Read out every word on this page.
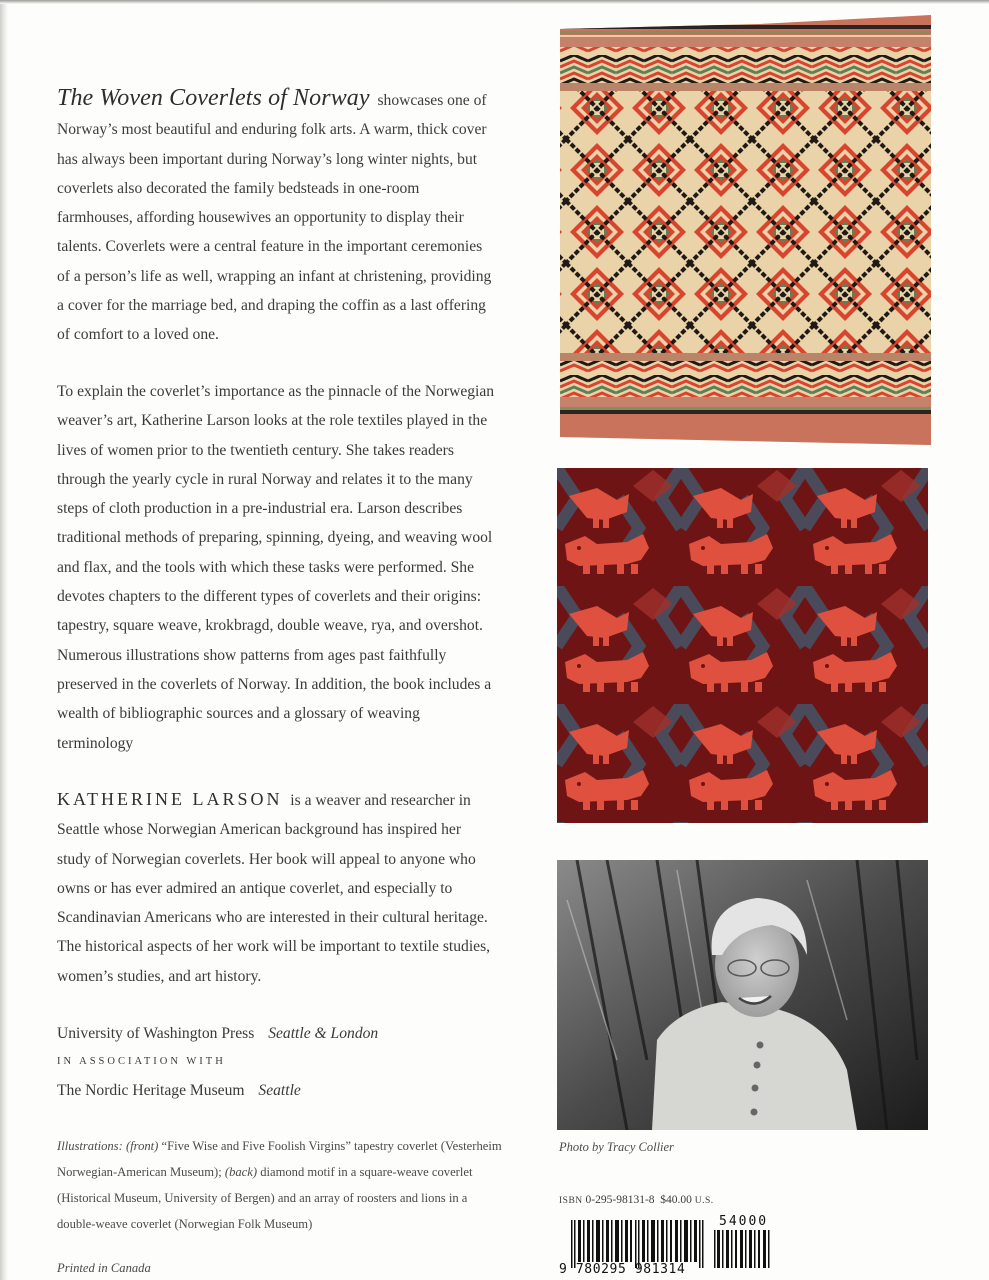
The Woven Coverlets of Norway showcases one of Norway’s most beautiful and enduring folk arts. A warm, thick cover has always been important during Norway’s long winter nights, but coverlets also decorated the family bedsteads in one-room farmhouses, affording housewives an opportunity to display their talents. Coverlets were a central feature in the important ceremonies of a person’s life as well, wrapping an infant at christening, providing a cover for the marriage bed, and draping the coffin as a last offering of comfort to a loved one.

To explain the coverlet’s importance as the pinnacle of the Norwegian weaver’s art, Katherine Larson looks at the role textiles played in the lives of women prior to the twentieth century. She takes readers through the yearly cycle in rural Norway and relates it to the many steps of cloth production in a pre-industrial era. Larson describes traditional methods of preparing, spinning, dyeing, and weaving wool and flax, and the tools with which these tasks were performed. She devotes chapters to the different types of coverlets and their origins: tapestry, square weave, krokbragd, double weave, rya, and overshot. Numerous illustrations show patterns from ages past faithfully preserved in the coverlets of Norway. In addition, the book includes a wealth of bibliographic sources and a glossary of weaving terminology

KATHERINE LARSON is a weaver and researcher in Seattle whose Norwegian American background has inspired her study of Norwegian coverlets. Her book will appeal to anyone who owns or has ever admired an antique coverlet, and especially to Scandinavian Americans who are interested in their cultural heritage. The historical aspects of her work will be important to textile studies, women’s studies, and art history.

University of Washington Press Seattle & London
IN ASSOCIATION WITH
The Nordic Heritage Museum Seattle
Illustrations: (front) “Five Wise and Five Foolish Virgins” tapestry coverlet (Vesterheim Norwegian-American Museum); (back) diamond motif in a square-weave coverlet (Historical Museum, University of Bergen) and an array of roosters and lions in a double-weave coverlet (Norwegian Folk Museum)
Printed in Canada
Photo by Tracy Collier
ISBN 0-295-98131-8 $40.00 U.S.
9 780295 981314
54000
